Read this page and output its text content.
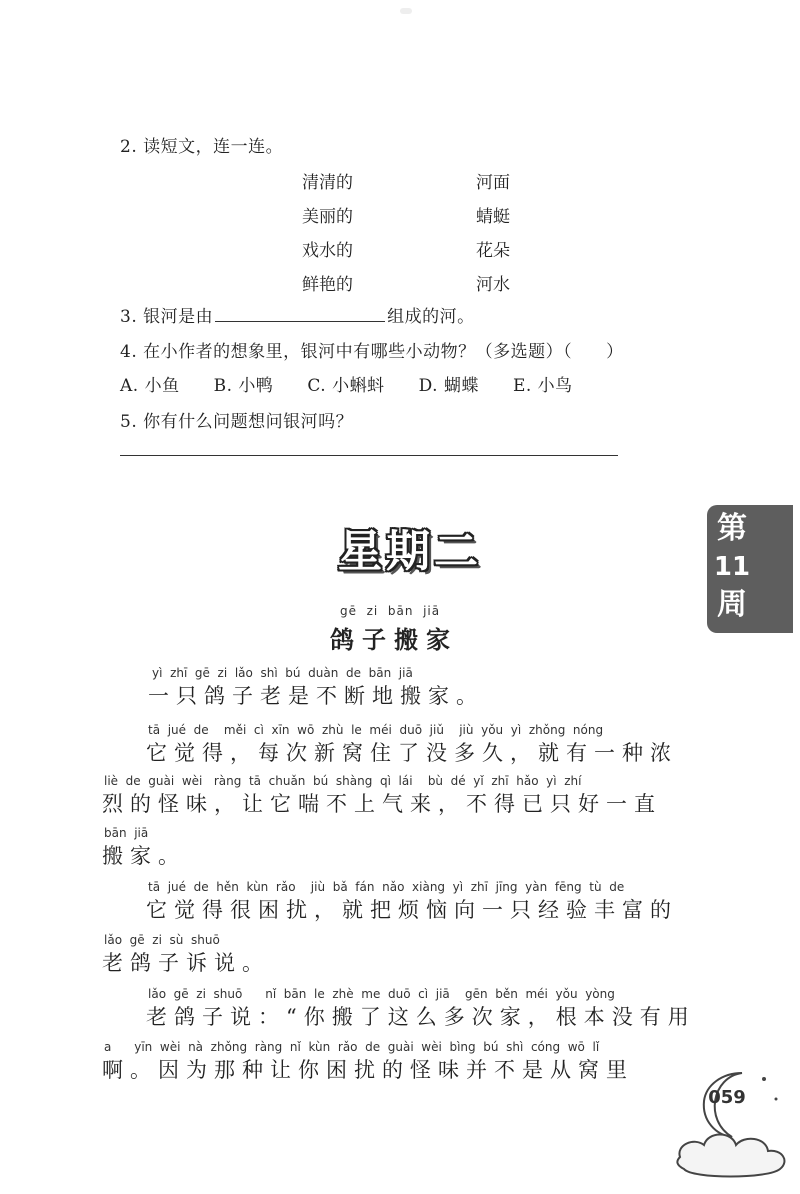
2. 读短文，连一连。
清清的
美丽的
戏水的
鲜艳的
河面
蜻蜓
花朵
河水
3. 银河是由	组成的河。
4. 在小作者的想象里，银河中有哪些小动物？（多选题）（ ）
A. 小鱼 B. 小鸭 C. 小蝌蚪 D. 蝴蝶 E. 小鸟
5. 你有什么问题想问银河吗？
星期二	第
11
周
gē  zi  bān  jiā
鸽子搬家
yì  zhī  gē  zi  lǎo  shì  bú  duàn  de  bān  jiā
一只鸽子老是不断地搬家。
tā  jué  de    měi  cì  xīn  wō  zhù  le  méi  duō  jiǔ    jiù  yǒu  yì  zhǒng  nóng
它觉得，每次新窝住了没多久，就有一种浓
liè  de  guài  wèi   ràng  tā  chuǎn  bú  shàng  qì  lái    bù  dé  yǐ  zhī  hǎo  yì  zhí
烈的怪味，让它喘不上气来，不得已只好一直
bān  jiā
搬家。
tā  jué  de  hěn  kùn  rǎo    jiù  bǎ  fán  nǎo  xiàng  yì  zhī  jīng  yàn  fēng  tù  de
它觉得很困扰，就把烦恼向一只经验丰富的
lǎo  gē  zi  sù  shuō
老鸽子诉说。
lǎo  gē  zi  shuō      nǐ  bān  le  zhè  me  duō  cì  jiā    gēn  běn  méi  yǒu  yòng
老鸽子说：“你搬了这么多次家，根本没有用
a      yīn  wèi  nà  zhǒng  ràng  nǐ  kùn  rǎo  de  guài  wèi  bìng  bú  shì  cóng  wō  lǐ
啊。因为那种让你困扰的怪味并不是从窝里
059
